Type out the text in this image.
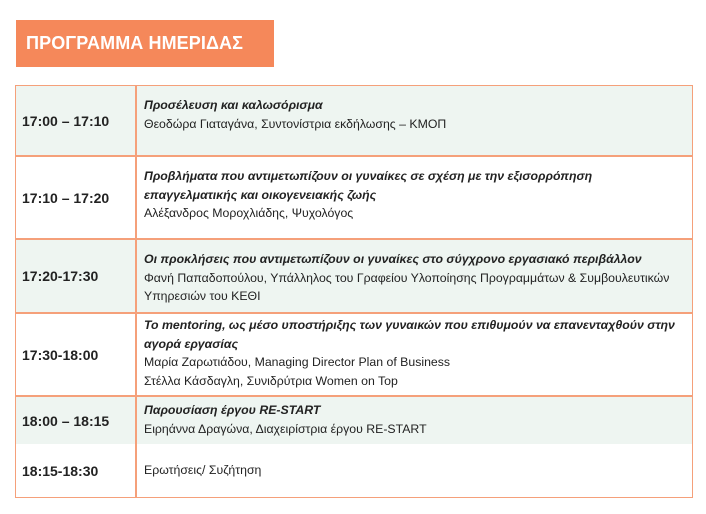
ΠΡΟΓΡΑΜΜΑ ΗΜΕΡΙΔΑΣ
17:00 – 17:10
Προσέλευση και καλωσόρισμα
Θεοδώρα Γιαταγάνα, Συντονίστρια εκδήλωσης – ΚΜΟΠ
17:10 – 17:20
Προβλήματα που αντιμετωπίζουν οι γυναίκες σε σχέση με την εξισορρόπηση επαγγελματικής και οικογενειακής ζωής
Αλέξανδρος Μοροχλιάδης, Ψυχολόγος
17:20-17:30
Οι προκλήσεις που αντιμετωπίζουν οι γυναίκες στο σύγχρονο εργασιακό περιβάλλον
Φανή Παπαδοπούλου, Υπάλληλος του Γραφείου Υλοποίησης Προγραμμάτων & Συμβουλευτικών Υπηρεσιών του ΚΕΘΙ
17:30-18:00
Το mentoring, ως μέσο υποστήριξης των γυναικών που επιθυμούν να επανενταχθούν στην αγορά εργασίας
Μαρία Ζαρωτιάδου, Managing Director Plan of Business
Στέλλα Κάσδαγλη, Συνιδρύτρια Women on Top
18:00 – 18:15
Παρουσίαση έργου RE-START
Ειρηάννα Δραγώνα, Διαχειρίστρια έργου RE-START
18:15-18:30	Ερωτήσεις/ Συζήτηση
